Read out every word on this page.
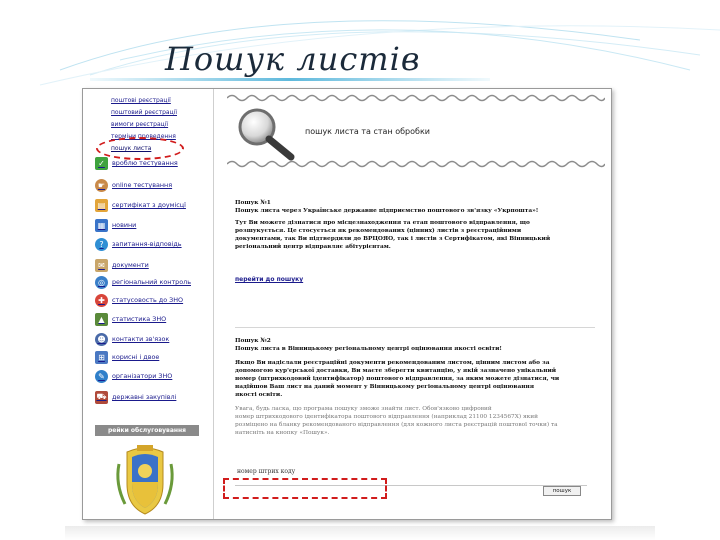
Пошук листів
поштові реєстрації
поштовий реєстрації
вимоги реєстрації
терміни проведення
пошук листа
✓	вроблю тестування
☛	online тестування
▤	сертифікат з доумісцї
▦	новини
?	запитання-відповідь
✉	документи
◎	регіональний контроль
✚	статусовость до ЗНО
▲	статистика ЗНО
☻ контакти зв'язок
⊞	корисні і двое
✎	організатори ЗНО
⛟ державні закупівлі
рейки обслуговування
пошук листа та стан обробки

Пошук №1

Пошук листа через Українське державне підприємство поштового зв'язку «Укрпошта»!

Тут Ви можете дізнатися про місцезнаходження та етап поштового відправлення, що

розшукується. Це стосується як рекомендованих (цінних) листів з реєстраційними

документами, так Ви підтвердили до ВРЦОЯО, так і листів з Сертифікатом, які Вінницький

регіональний центр відправляє абітурієнтам.

перейти до пошуку

Пошук №2

Пошук листа в Вінницькому регіональному центрі оцінювання якості освіти!

Якщо Ви надіслали реєстраційні документи рекомендованим листом, цінним листом або за

допомогою кур'єрської доставки, Ви маєте зберегти квитанцію, у якій зазначено унікальний

номер (штрихкодовий ідентифікатор) поштового відправлення, за яким можете дізнатися, чи

надійшов Ваш лист на даний момент у Вінницькому регіональному центрі оцінювання

якості освіти.

Увага, будь ласка, що програма пошуку зможе знайти лист. Обов'язково цифровий

номер штрихкодового ідентифікатора поштового відправлення (наприклад 21100 1234567Х) який

розміщено на бланку рекомендованого відправлення (для кожного листа реєстрацій поштової точки) та

натисніть на кнопку «Пошук».

номер штрих коду
пошук
